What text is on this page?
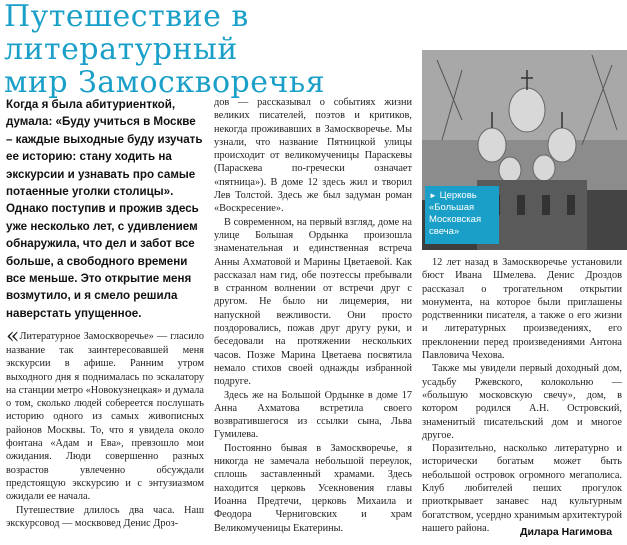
Путешествие в литературный
мир Замоскворечья
► Церковь
«Большая Московская свеча»
Когда я была абитуриенткой, думала: «Буду учиться в Москве – каждые выходные буду изучать ее историю: стану ходить на экскурсии и узнавать про самые потаенные уголки столицы». Однако поступив и прожив здесь уже несколько лет, с удивлением обнаружила, что дел и забот все больше, а свободного времени все меньше. Это открытие меня возмутило, и я смело решила наверстать упущенное.

«Литературное Замоскворечье» — гласило название так заинтересовавшей меня экскурсии в афише. Ранним утром выходного дня я поднималась по эскалатору на станции метро «Новокузнецкая» и думала о том, сколько людей собереется послушать историю одного из самых живописных районов Москвы. То, что я увидела около фонтана «Адам и Ева», превзошло мои ожидания. Люди совершенно разных возрастов увлеченно обсуждали предстоящую экскурсию и с энтузиазмом ожидали ее начала.

Путешествие длилось два часа. Наш экскурсовод — москвовед Денис Дроз-

дов — рассказывал о событиях жизни великих писателей, поэтов и критиков, некогда проживавших в Замоскворечье. Мы узнали, что название Пятницкой улицы происходит от великомученицы Параскевы (Параскева по-гречески означает «пятница»). В доме 12 здесь жил и творил Лев Толстой. Здесь же был задуман роман «Воскресение».

В современном, на первый взгляд, доме на улице Большая Ордынка произошла знаменательная и единственная встреча Анны Ахматовой и Марины Цветаевой. Как рассказал нам гид, обе поэтессы пребывали в странном волнении от встречи друг с другом. Не было ни лицемерия, ни напускной вежливости. Они просто поздоровались, пожав друг другу руки, и беседовали на протяжении нескольких часов. Позже Марина Цветаева посвятила немало стихов своей однажды избранной подруге.

Здесь же на Большой Ордынке в доме 17 Анна Ахматова встретила своего возвратившегося из ссылки сына, Льва Гумилева.

Постоянно бывая в Замоскворечье, я никогда не замечала небольшой переулок, сплошь заставленный храмами. Здесь находится церковь Усекновения главы Иоанна Предтечи, церковь Михаила и Феодора Черниговских и храм Великомученицы Екатерины.

12 лет назад в Замоскворечье установили бюст Ивана Шмелева. Денис Дроздов рассказал о трогательном открытии монумента, на которое были приглашены родственники писателя, а также о его жизни и литературных произведениях, его преклонении перед произведениями Антона Павловича Чехова.

Также мы увидели первый доходный дом, усадьбу Ржевского, колокольню — «большую московскую свечу», дом, в котором родился А.Н. Островский, знаменитый писательский дом и многое другое.

Поразительно, насколько литературно и исторически богатым может быть небольшой островок огромного мегаполиса. Клуб любителей пеших прогулок приоткрывает занавес над культурным богатством, усердно хранимым архитектурой нашего района.	Дилара Нагимова
